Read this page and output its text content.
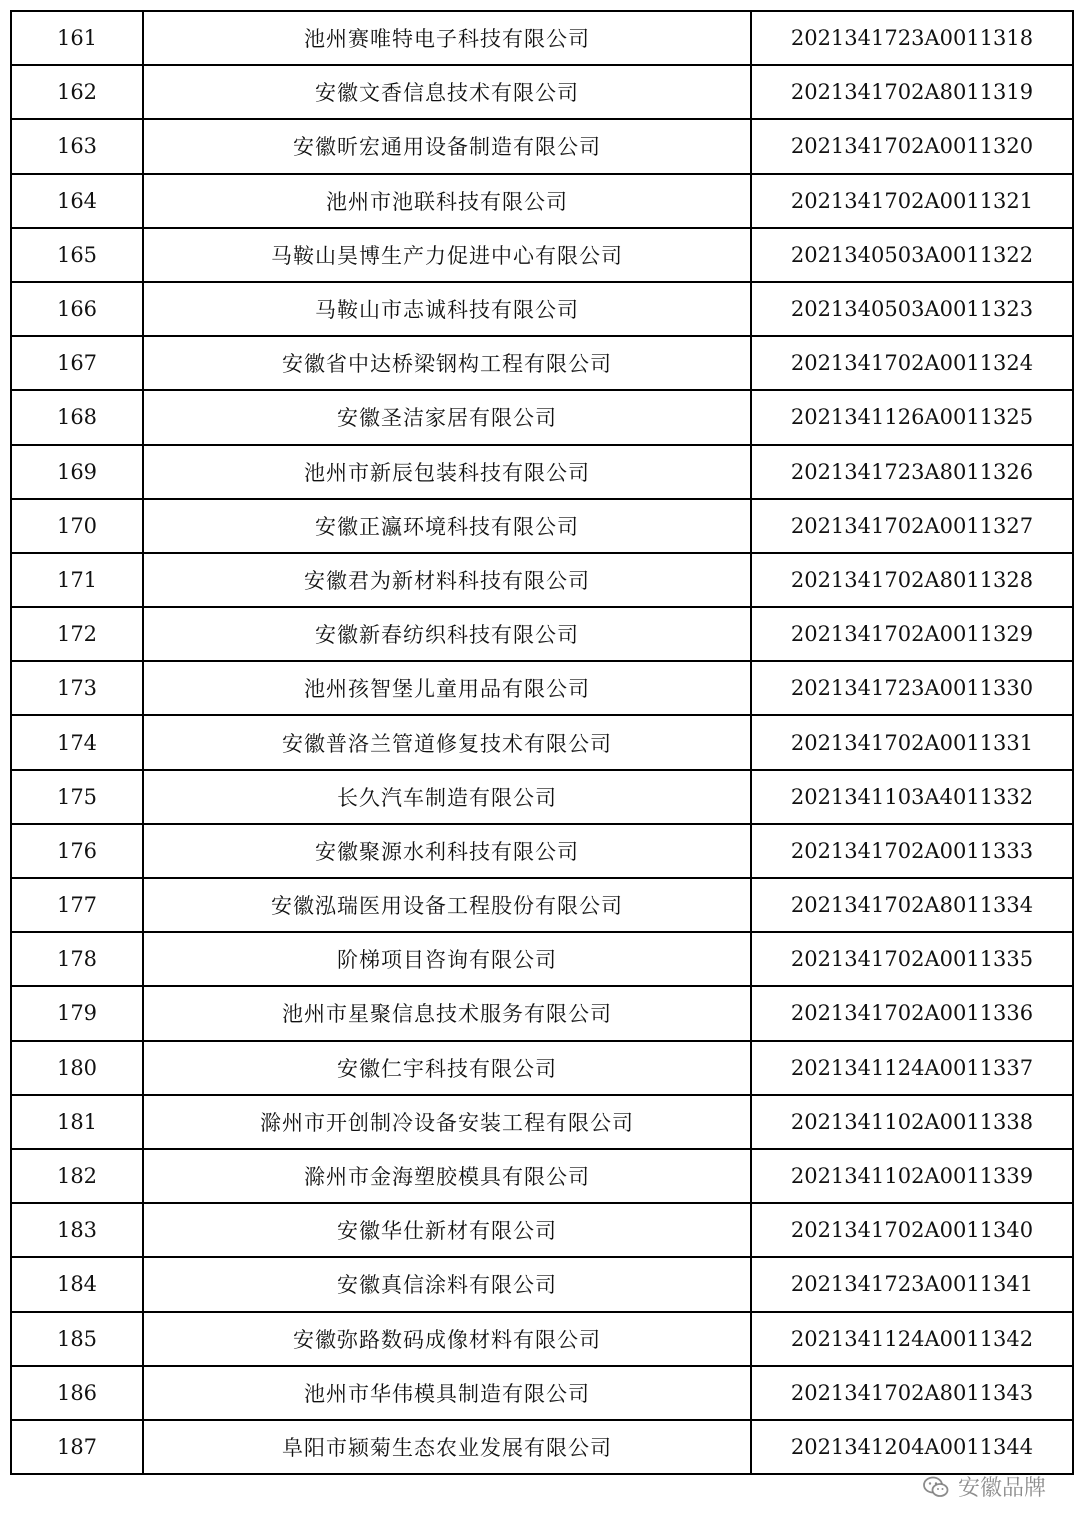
161	池州赛唯特电子科技有限公司	2021341723A0011318
162	安徽文香信息技术有限公司	2021341702A8011319
163	安徽昕宏通用设备制造有限公司	2021341702A0011320
164	池州市池联科技有限公司	2021341702A0011321
165	马鞍山昊博生产力促进中心有限公司	2021340503A0011322
166	马鞍山市志诚科技有限公司	2021340503A0011323
167	安徽省中达桥梁钢构工程有限公司	2021341702A0011324
168	安徽圣洁家居有限公司	2021341126A0011325
169	池州市新辰包装科技有限公司	2021341723A8011326
170	安徽正瀛环境科技有限公司	2021341702A0011327
171	安徽君为新材料科技有限公司	2021341702A8011328
172	安徽新春纺织科技有限公司	2021341702A0011329
173	池州孩智堡儿童用品有限公司	2021341723A0011330
174	安徽普洛兰管道修复技术有限公司	2021341702A0011331
175	长久汽车制造有限公司	2021341103A4011332
176	安徽聚源水利科技有限公司	2021341702A0011333
177	安徽泓瑞医用设备工程股份有限公司	2021341702A8011334
178	阶梯项目咨询有限公司	2021341702A0011335
179	池州市星聚信息技术服务有限公司	2021341702A0011336
180	安徽仁宇科技有限公司	2021341124A0011337
181	滁州市开创制冷设备安装工程有限公司	2021341102A0011338
182	滁州市金海塑胶模具有限公司	2021341102A0011339
183	安徽华仕新材有限公司	2021341702A0011340
184	安徽真信涂料有限公司	2021341723A0011341
185	安徽弥路数码成像材料有限公司	2021341124A0011342
186	池州市华伟模具制造有限公司	2021341702A8011343
187	阜阳市颍菊生态农业发展有限公司	2021341204A0011344
安徽品牌
